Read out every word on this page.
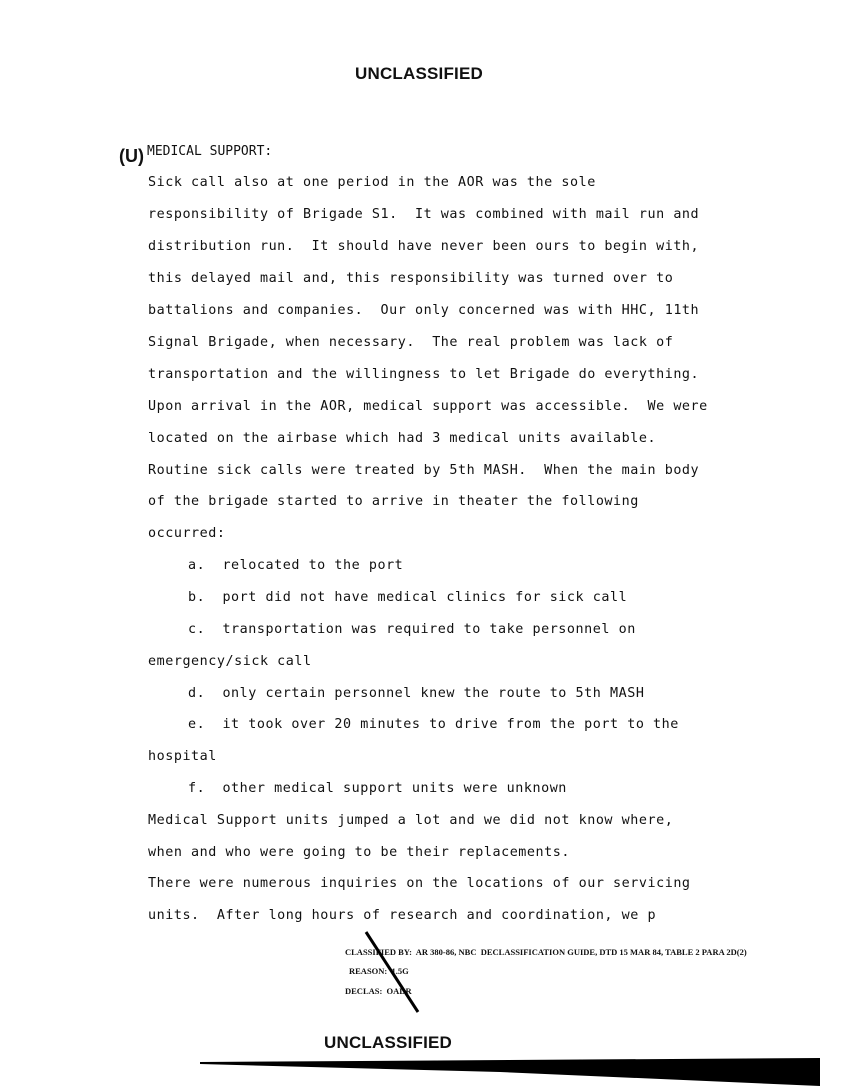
UNCLASSIFIED
(U) MEDICAL SUPPORT:
Sick call also at one period in the AOR was the sole
responsibility of Brigade S1.  It was combined with mail run and
distribution run.  It should have never been ours to begin with,
this delayed mail and, this responsibility was turned over to
battalions and companies.  Our only concerned was with HHC, 11th
Signal Brigade, when necessary.  The real problem was lack of
transportation and the willingness to let Brigade do everything.
Upon arrival in the AOR, medical support was accessible.  We were
located on the airbase which had 3 medical units available.
Routine sick calls were treated by 5th MASH.  When the main body
of the brigade started to arrive in theater the following
occurred:
a.  relocated to the port
b.  port did not have medical clinics for sick call
c.  transportation was required to take personnel on
emergency/sick call
d.  only certain personnel knew the route to 5th MASH
e.  it took over 20 minutes to drive from the port to the
hospital
f.  other medical support units were unknown
Medical Support units jumped a lot and we did not know where,
when and who were going to be their replacements.
There were numerous inquiries on the locations of our servicing
units.  After long hours of research and coordination, we p
CLASSIFIED BY:  AR 380-86, NBC  DECLASSIFICATION GUIDE, DTD 15 MAR 84, TABLE 2 PARA 2D(2)
REASON:  1.5G
DECLAS:  OADR
UNCLASSIFIED
